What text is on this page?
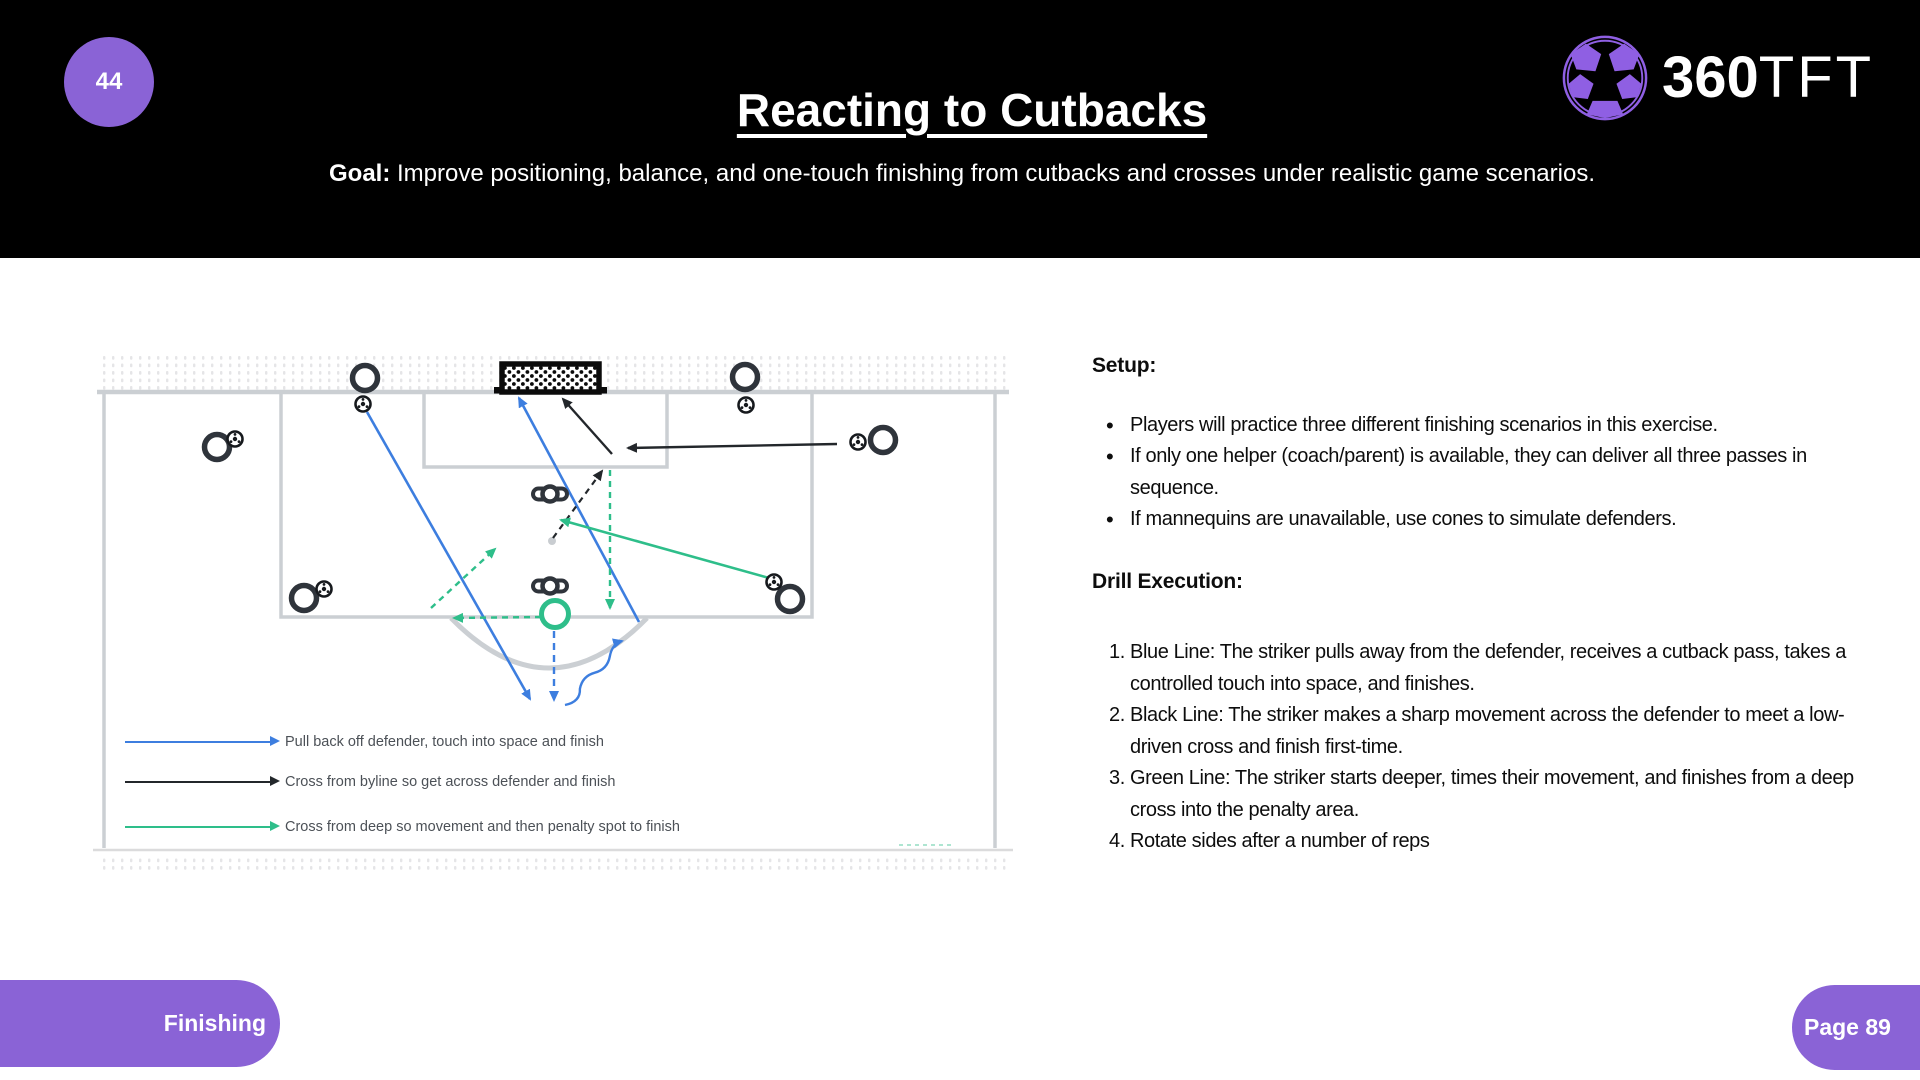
44
Reacting to Cutbacks
Goal: Improve positioning, balance, and one-touch finishing from cutbacks and crosses under realistic game scenarios.
360TFT
Pull back off defender, touch into space and finish
Cross from byline so get across defender and finish
Cross from deep so movement and then penalty spot to finish
Setup:
• Players will practice three different finishing scenarios in this exercise.
• If only one helper (coach/parent) is available, they can deliver all three passes in sequence.
• If mannequins are unavailable, use cones to simulate defenders.
Drill Execution:
Blue Line: The striker pulls away from the defender, receives a cutback pass, takes a controlled touch into space, and finishes.
Black Line: The striker makes a sharp movement across the defender to meet a low-driven cross and finish first-time.
Green Line: The striker starts deeper, times their movement, and finishes from a deep cross into the penalty area.
Rotate sides after a number of reps
Finishing	Page 89
